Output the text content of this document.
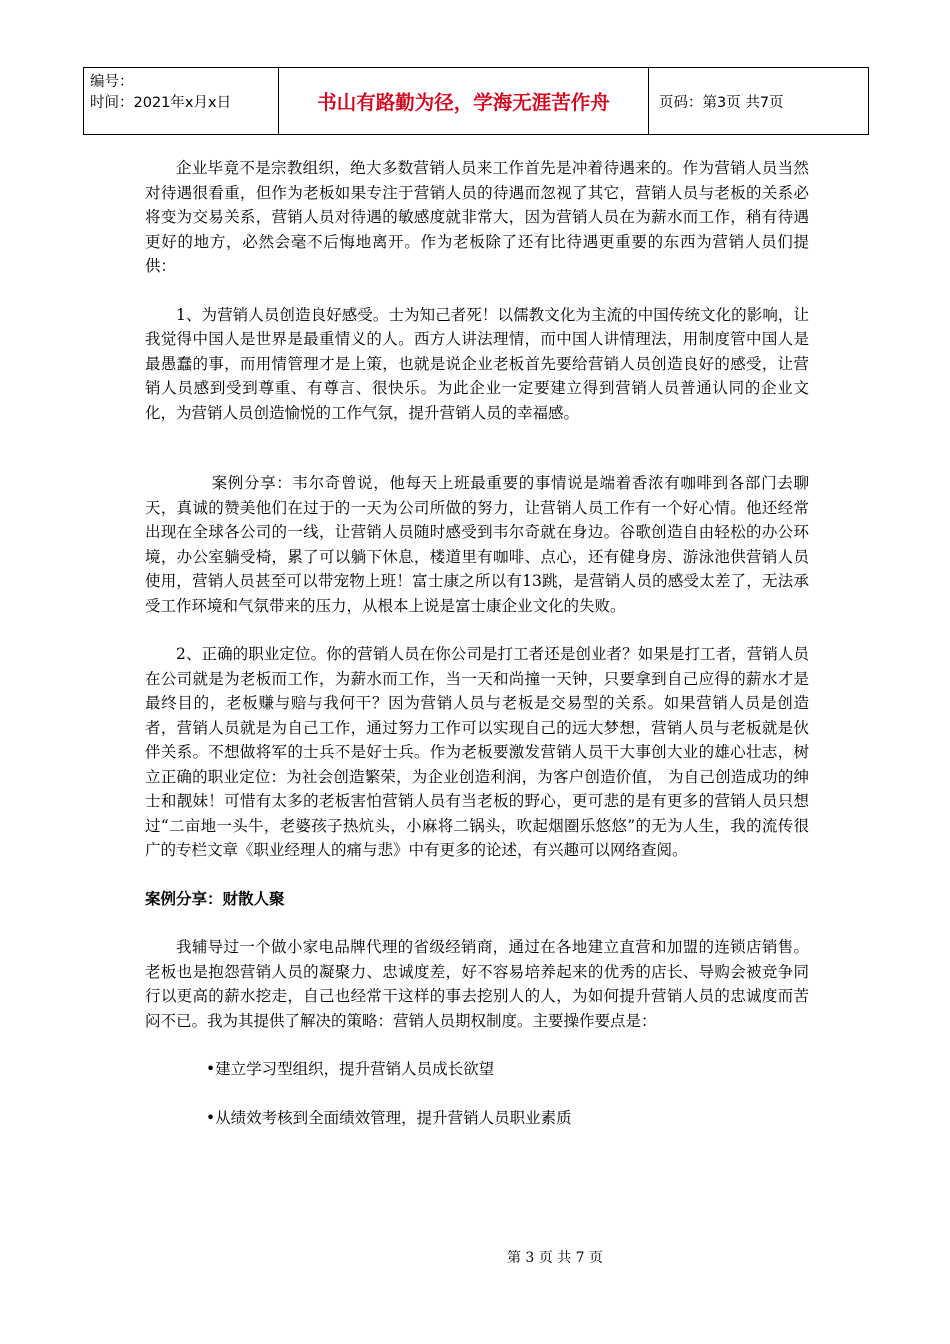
编号：
时间：2021年x月x日	书山有路勤为径，学海无涯苦作舟	页码：第3页 共7页

企业毕竟不是宗教组织，绝大多数营销人员来工作首先是冲着待遇来的。作为营销人员当然对待遇很看重，但作为老板如果专注于营销人员的待遇而忽视了其它，营销人员与老板的关系必将变为交易关系，营销人员对待遇的敏感度就非常大，因为营销人员在为薪水而工作，稍有待遇更好的地方，必然会毫不后悔地离开。作为老板除了还有比待遇更重要的东西为营销人员们提供：

1、为营销人员创造良好感受。士为知己者死！以儒教文化为主流的中国传统文化的影响，让我觉得中国人是世界是最重情义的人。西方人讲法理情，而中国人讲情理法，用制度管中国人是最愚蠢的事，而用情管理才是上策，也就是说企业老板首先要给营销人员创造良好的感受，让营销人员感到受到尊重、有尊言、很快乐。为此企业一定要建立得到营销人员普通认同的企业文化，为营销人员创造愉悦的工作气氛，提升营销人员的幸福感。

案例分享：韦尔奇曾说，他每天上班最重要的事情说是端着香浓有咖啡到各部门去聊天，真诚的赞美他们在过于的一天为公司所做的努力，让营销人员工作有一个好心情。他还经常出现在全球各公司的一线，让营销人员随时感受到韦尔奇就在身边。谷歌创造自由轻松的办公环境，办公室躺受椅，累了可以躺下休息，楼道里有咖啡、点心，还有健身房、游泳池供营销人员使用，营销人员甚至可以带宠物上班！富士康之所以有13跳，是营销人员的感受太差了，无法承受工作环境和气氛带来的压力，从根本上说是富士康企业文化的失败。

2、正确的职业定位。你的营销人员在你公司是打工者还是创业者？如果是打工者，营销人员在公司就是为老板而工作，为薪水而工作，当一天和尚撞一天钟，只要拿到自己应得的薪水才是最终目的，老板赚与赔与我何干？因为营销人员与老板是交易型的关系。如果营销人员是创造者，营销人员就是为自己工作，通过努力工作可以实现自己的远大梦想，营销人员与老板就是伙伴关系。不想做将军的士兵不是好士兵。作为老板要激发营销人员干大事创大业的雄心壮志，树立正确的职业定位：为社会创造繁荣，为企业创造利润，为客户创造价值， 为自己创造成功的绅士和靓妹！可惜有太多的老板害怕营销人员有当老板的野心，更可悲的是有更多的营销人员只想过“二亩地一头牛，老婆孩子热炕头，小麻将二锅头，吹起烟圈乐悠悠”的无为人生，我的流传很广的专栏文章《职业经理人的痛与悲》中有更多的论述，有兴趣可以网络查阅。

案例分享：财散人聚

我辅导过一个做小家电品牌代理的省级经销商，通过在各地建立直营和加盟的连锁店销售。老板也是抱怨营销人员的凝聚力、忠诚度差，好不容易培养起来的优秀的店长、导购会被竞争同行以更高的薪水挖走，自己也经常干这样的事去挖别人的人，为如何提升营销人员的忠诚度而苦闷不已。我为其提供了解决的策略：营销人员期权制度。主要操作要点是：

•建立学习型组织，提升营销人员成长欲望

•从绩效考核到全面绩效管理，提升营销人员职业素质

第 3 页 共 7 页
